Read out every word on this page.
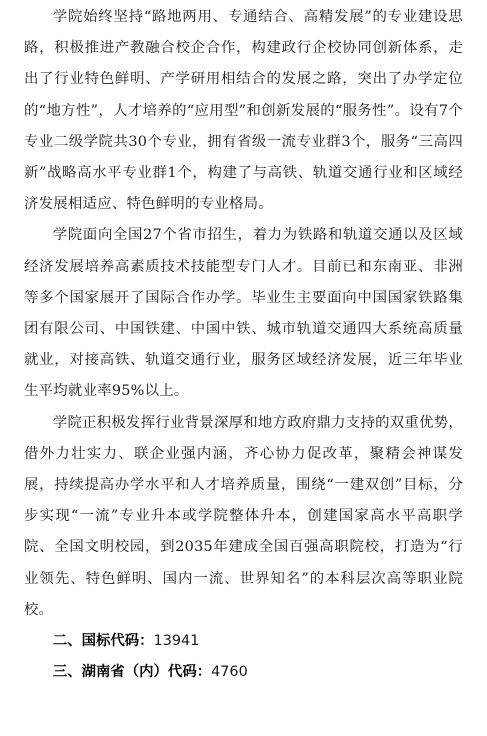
学院始终坚持“路地两用、专通结合、高精发展”的专业建设思路，积极推进产教融合校企合作，构建政行企校协同创新体系，走出了行业特色鲜明、产学研用相结合的发展之路，突出了办学定位的“地方性”，人才培养的“应用型”和创新发展的“服务性”。设有7个专业二级学院共30个专业，拥有省级一流专业群3个，服务“三高四新”战略高水平专业群1个，构建了与高铁、轨道交通行业和区域经济发展相适应、特色鲜明的专业格局。

学院面向全国27个省市招生，着力为铁路和轨道交通以及区域经济发展培养高素质技术技能型专门人才。目前已和东南亚、非洲等多个国家展开了国际合作办学。毕业生主要面向中国国家铁路集团有限公司、中国铁建、中国中铁、城市轨道交通四大系统高质量就业，对接高铁、轨道交通行业，服务区域经济发展，近三年毕业生平均就业率95%以上。

学院正积极发挥行业背景深厚和地方政府鼎力支持的双重优势，借外力壮实力、联企业强内涵，齐心协力促改革，聚精会神谋发展，持续提高办学水平和人才培养质量，围绕“一建双创”目标，分步实现“一流”专业升本或学院整体升本，创建国家高水平高职学院、全国文明校园，到2035年建成全国百强高职院校，打造为“行业领先、特色鲜明、国内一流、世界知名”的本科层次高等职业院校。

二、国标代码：13941

三、湖南省（内）代码：4760
